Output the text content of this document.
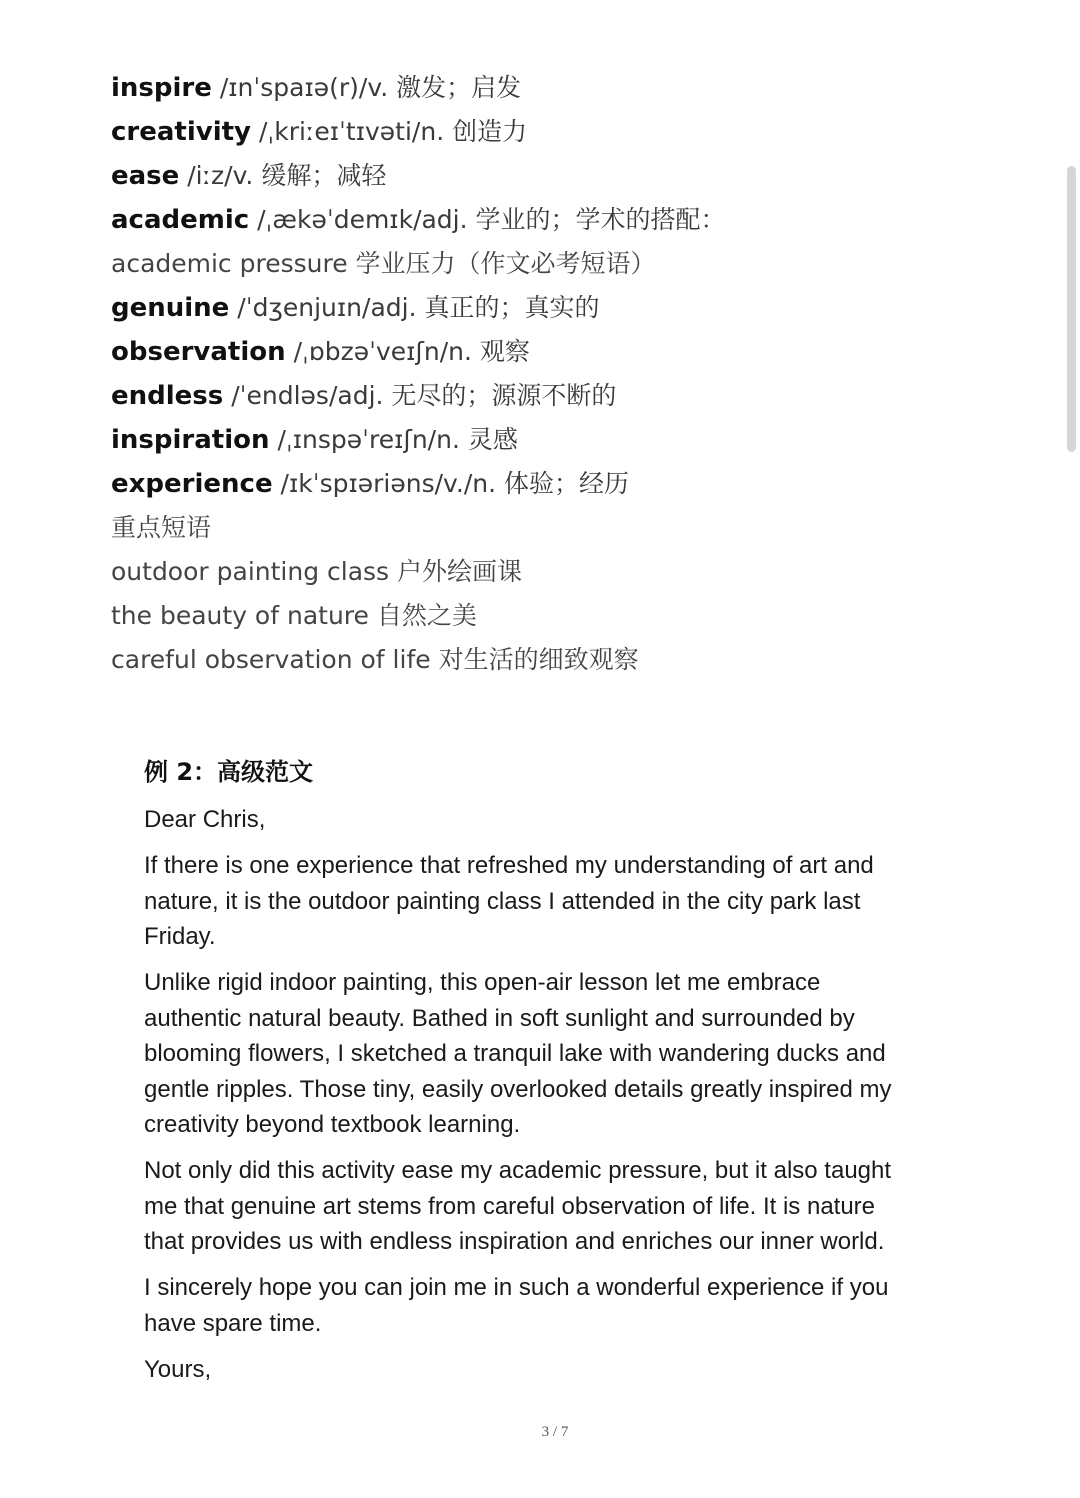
inspire /ɪnˈspaɪə(r)/v. 激发；启发
creativity /ˌkriːeɪˈtɪvəti/n. 创造力
ease /iːz/v. 缓解；减轻
academic /ˌækəˈdemɪk/adj. 学业的；学术的搭配：
academic pressure 学业压力（作文必考短语）
genuine /ˈdʒenjuɪn/adj. 真正的；真实的
observation /ˌɒbzəˈveɪʃn/n. 观察
endless /ˈendləs/adj. 无尽的；源源不断的
inspiration /ˌɪnspəˈreɪʃn/n. 灵感
experience /ɪkˈspɪəriəns/v./n. 体验；经历
重点短语
outdoor painting class 户外绘画课
the beauty of nature 自然之美
careful observation of life 对生活的细致观察
例 2：高级范文

Dear Chris,

If there is one experience that refreshed my understanding of art and
nature, it is the outdoor painting class I attended in the city park last
Friday.

Unlike rigid indoor painting, this open-air lesson let me embrace
authentic natural beauty. Bathed in soft sunlight and surrounded by
blooming flowers, I sketched a tranquil lake with wandering ducks and
gentle ripples. Those tiny, easily overlooked details greatly inspired my
creativity beyond textbook learning.

Not only did this activity ease my academic pressure, but it also taught
me that genuine art stems from careful observation of life. It is nature
that provides us with endless inspiration and enriches our inner world.

I sincerely hope you can join me in such a wonderful experience if you
have spare time.

Yours,

3 / 7
